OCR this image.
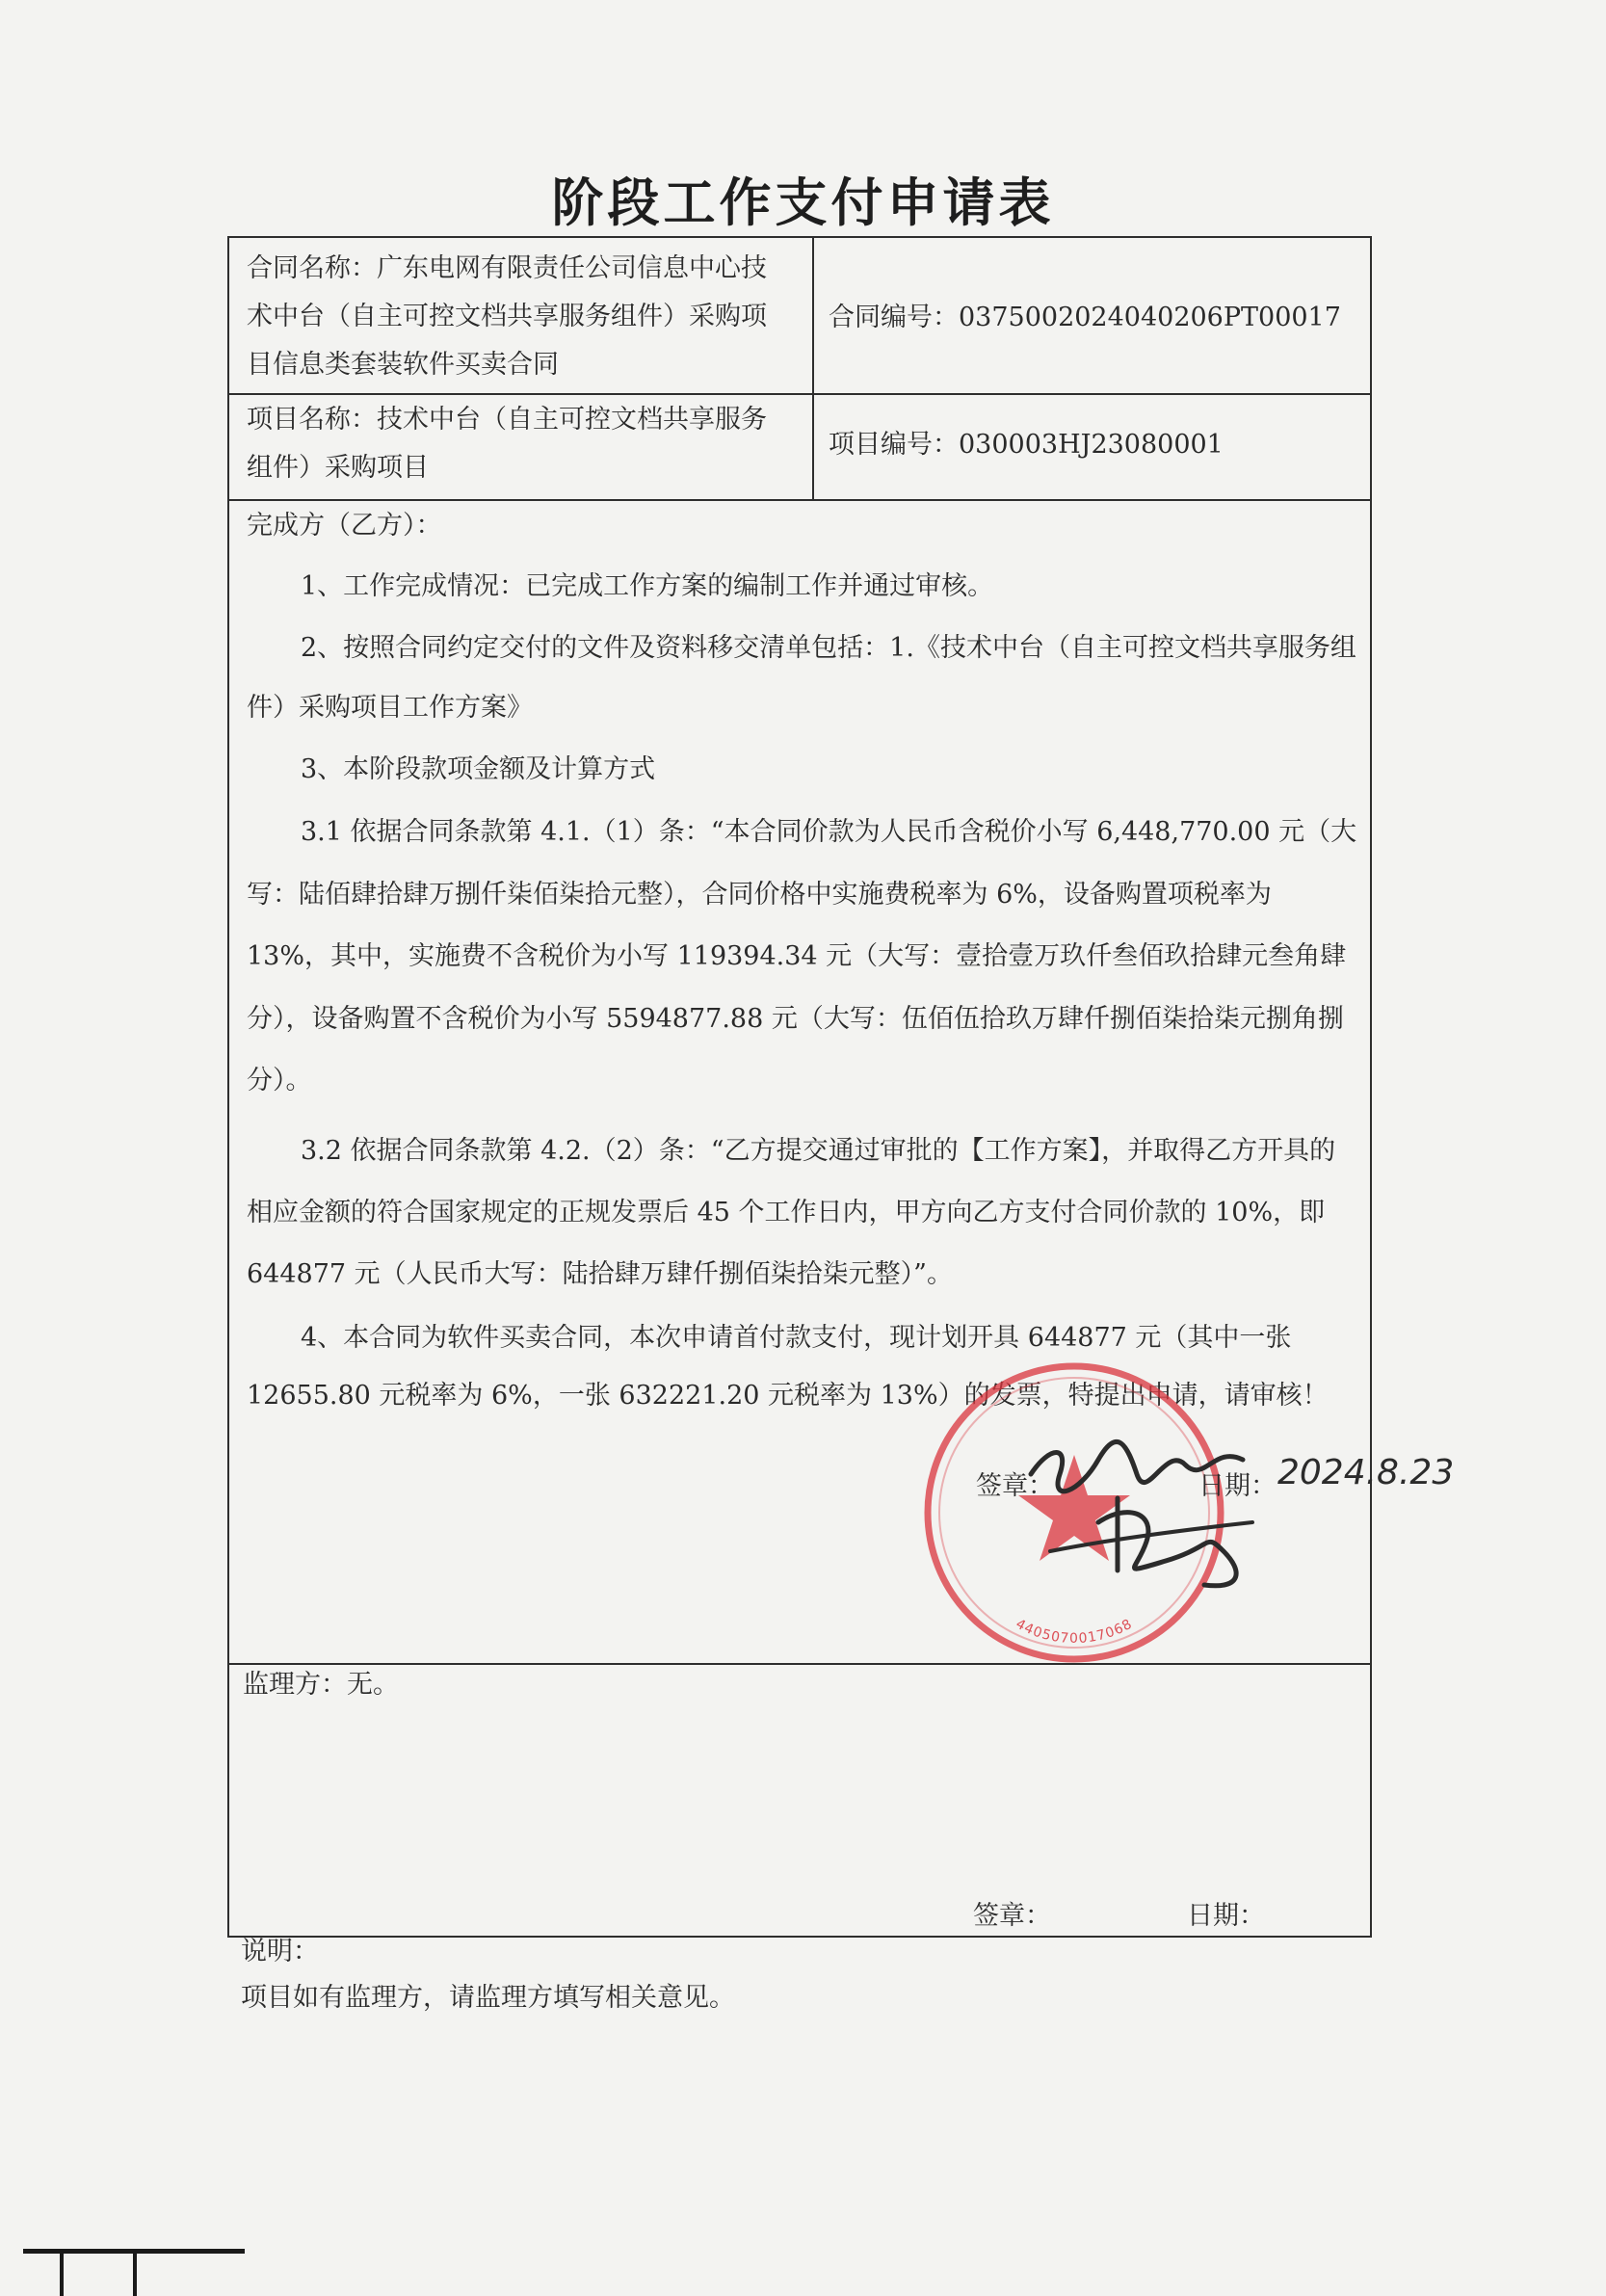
阶段工作支付申请表
合同名称：广东电网有限责任公司信息中心技
术中台（自主可控文档共享服务组件）采购项
目信息类套装软件买卖合同
合同编号：0375002024040206PT00017
项目名称：技术中台（自主可控文档共享服务
组件）采购项目
项目编号：030003HJ23080001
完成方（乙方）：

1、工作完成情况：已完成工作方案的编制工作并通过审核。

2、按照合同约定交付的文件及资料移交清单包括：1.《技术中台（自主可控文档共享服务组件）采购项目工作方案》

3、本阶段款项金额及计算方式

3.1 依据合同条款第 4.1.（1）条：“本合同价款为人民币含税价小写 6,448,770.00 元（大写：陆佰肆拾肆万捌仟柒佰柒拾元整），合同价格中实施费税率为 6%，设备购置项税率为 13%，其中，实施费不含税价为小写 119394.34 元（大写：壹拾壹万玖仟叁佰玖拾肆元叁角肆分），设备购置不含税价为小写 5594877.88 元（大写：伍佰伍拾玖万肆仟捌佰柒拾柒元捌角捌分）。

3.2 依据合同条款第 4.2.（2）条：“乙方提交通过审批的【工作方案】，并取得乙方开具的相应金额的符合国家规定的正规发票后 45 个工作日内，甲方向乙方支付合同价款的 10%，即 644877 元（人民币大写：陆拾肆万肆仟捌佰柒拾柒元整）”。

4、本合同为软件买卖合同，本次申请首付款支付，现计划开具 644877 元（其中一张 12655.80 元税率为 6%，一张 632221.20 元税率为 13%）的发票，特提出申请，请审核！

4405070017068
签章：	日期： 2024.8.23
监理方：无。
签章：	日期：
说明：
项目如有监理方，请监理方填写相关意见。
